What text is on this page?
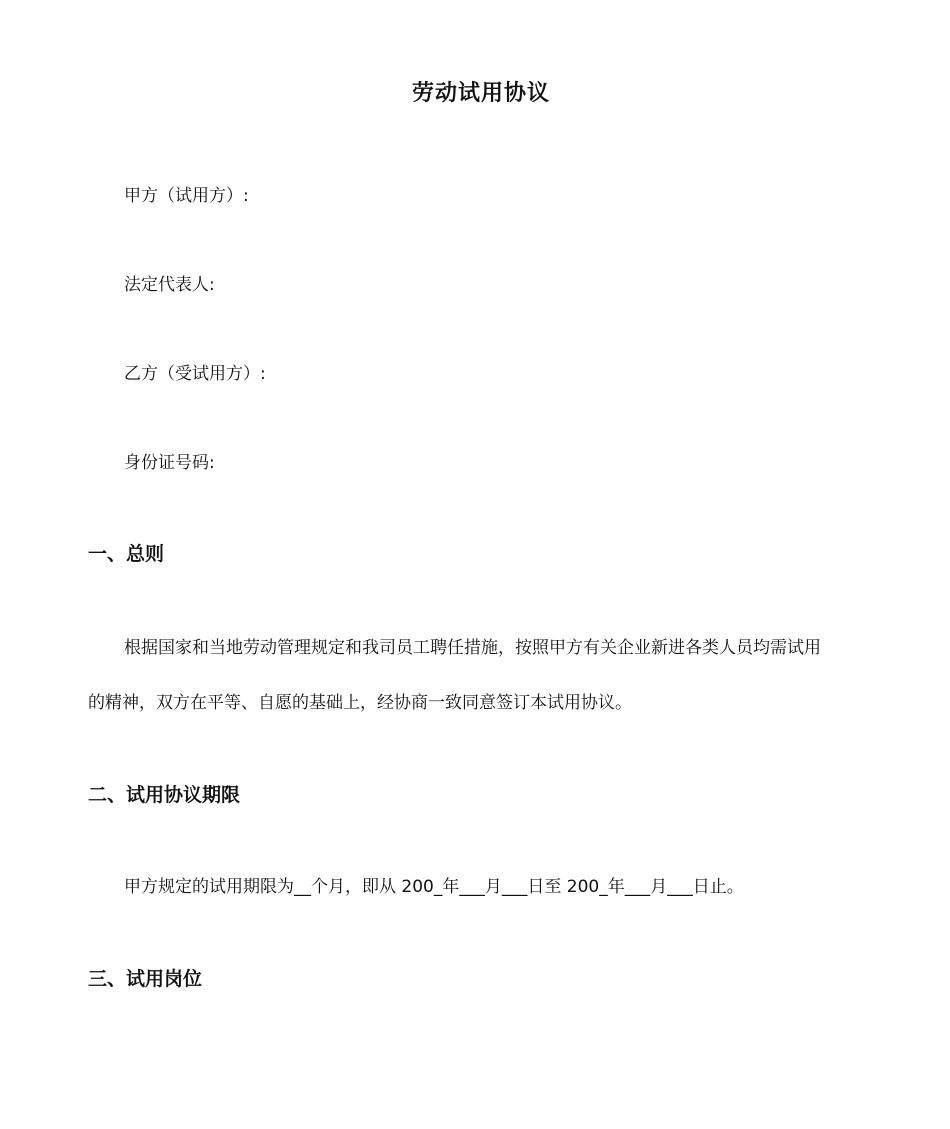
劳动试用协议
甲方（试用方）:
法定代表人:
乙方（受试用方）:
身份证号码:
一、总则
根据国家和当地劳动管理规定和我司员工聘任措施，按照甲方有关企业新进各类人员均需试用
的精神，双方在平等、自愿的基础上，经协商一致同意签订本试用协议。
二、试用协议期限
甲方规定的试用期限为__个月，即从 200_年___月___日至 200_年___月___日止。
三、试用岗位
